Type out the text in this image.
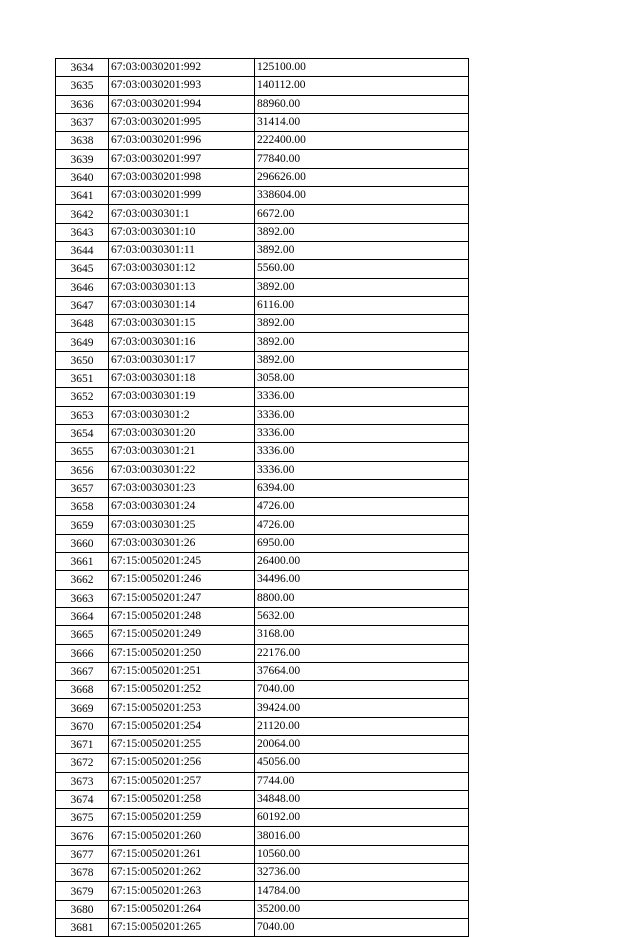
3634	67:03:0030201:992	125100.00
3635	67:03:0030201:993	140112.00
3636	67:03:0030201:994	88960.00
3637	67:03:0030201:995	31414.00
3638	67:03:0030201:996	222400.00
3639	67:03:0030201:997	77840.00
3640	67:03:0030201:998	296626.00
3641	67:03:0030201:999	338604.00
3642	67:03:0030301:1	6672.00
3643	67:03:0030301:10	3892.00
3644	67:03:0030301:11	3892.00
3645	67:03:0030301:12	5560.00
3646	67:03:0030301:13	3892.00
3647	67:03:0030301:14	6116.00
3648	67:03:0030301:15	3892.00
3649	67:03:0030301:16	3892.00
3650	67:03:0030301:17	3892.00
3651	67:03:0030301:18	3058.00
3652	67:03:0030301:19	3336.00
3653	67:03:0030301:2	3336.00
3654	67:03:0030301:20	3336.00
3655	67:03:0030301:21	3336.00
3656	67:03:0030301:22	3336.00
3657	67:03:0030301:23	6394.00
3658	67:03:0030301:24	4726.00
3659	67:03:0030301:25	4726.00
3660	67:03:0030301:26	6950.00
3661	67:15:0050201:245	26400.00
3662	67:15:0050201:246	34496.00
3663	67:15:0050201:247	8800.00
3664	67:15:0050201:248	5632.00
3665	67:15:0050201:249	3168.00
3666	67:15:0050201:250	22176.00
3667	67:15:0050201:251	37664.00
3668	67:15:0050201:252	7040.00
3669	67:15:0050201:253	39424.00
3670	67:15:0050201:254	21120.00
3671	67:15:0050201:255	20064.00
3672	67:15:0050201:256	45056.00
3673	67:15:0050201:257	7744.00
3674	67:15:0050201:258	34848.00
3675	67:15:0050201:259	60192.00
3676	67:15:0050201:260	38016.00
3677	67:15:0050201:261	10560.00
3678	67:15:0050201:262	32736.00
3679	67:15:0050201:263	14784.00
3680	67:15:0050201:264	35200.00
3681	67:15:0050201:265	7040.00
